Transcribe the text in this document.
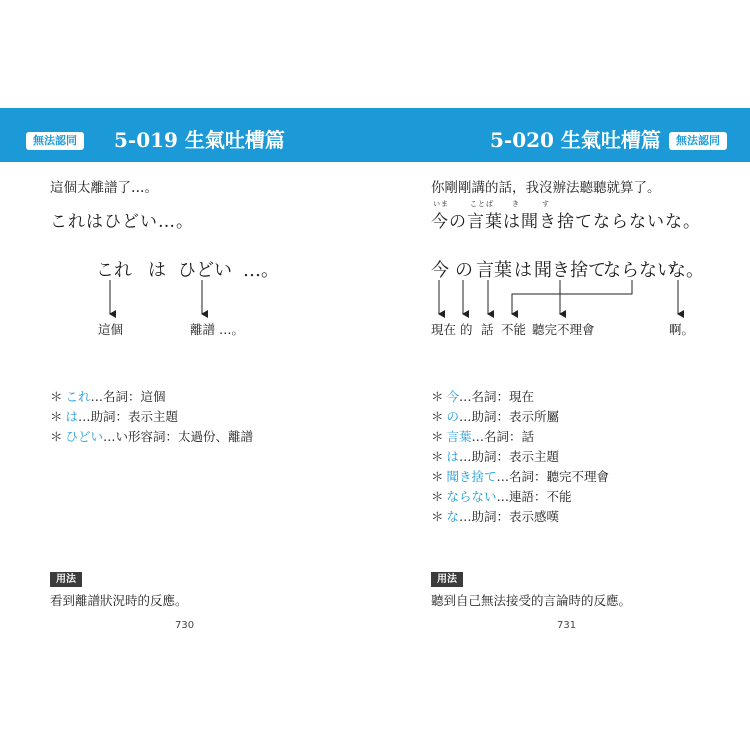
無法認同	5-019 生氣吐槽篇	5-020 生氣吐槽篇	無法認同
這個太離譜了…。
これはひどい…。
これ は ひどい …。
這個	離譜 …。
＊ これ…名詞：這個
＊ は…助詞：表示主題
＊ ひどい…い形容詞：太過份、離譜
用法
看到離譜狀況時的反應。
730
你剛剛講的話，我沒辦法聽聽就算了。
いま	ことば	き	す
今の言葉は聞き捨てならないな。
今 の 言葉 は 聞き捨て
ならない
な。
現在 的 話 不能 聽完不理會	啊。
＊ 今…名詞：現在
＊ の…助詞：表示所屬
＊ 言葉…名詞：話
＊ は…助詞：表示主題
＊ 聞き捨て…名詞：聽完不理會
＊ ならない…連語：不能
＊ な…助詞：表示感嘆
用法
聽到自己無法接受的言論時的反應。
731
